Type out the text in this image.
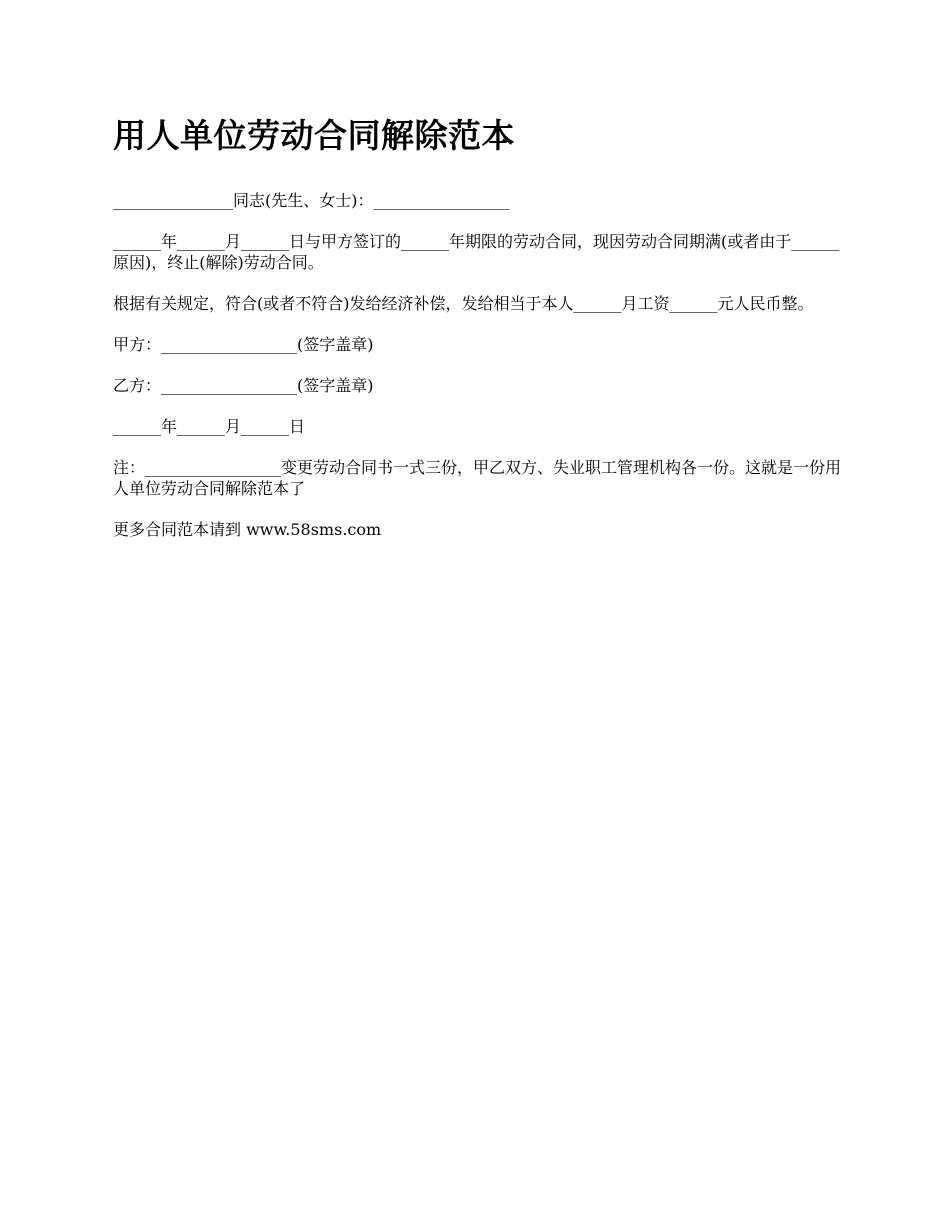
用人单位劳动合同解除范本

_______________同志(先生、女士)：_________________

______年______月______日与甲方签订的______年期限的劳动合同，现因劳动合同期满(或者由于______原因)，终止(解除)劳动合同。

根据有关规定，符合(或者不符合)发给经济补偿，发给相当于本人______月工资______元人民币整。

甲方：_________________(签字盖章)

乙方：_________________(签字盖章)

______年______月______日

注：_________________变更劳动合同书一式三份，甲乙双方、失业职工管理机构各一份。这就是一份用人单位劳动合同解除范本了

更多合同范本请到 www.58sms.com
